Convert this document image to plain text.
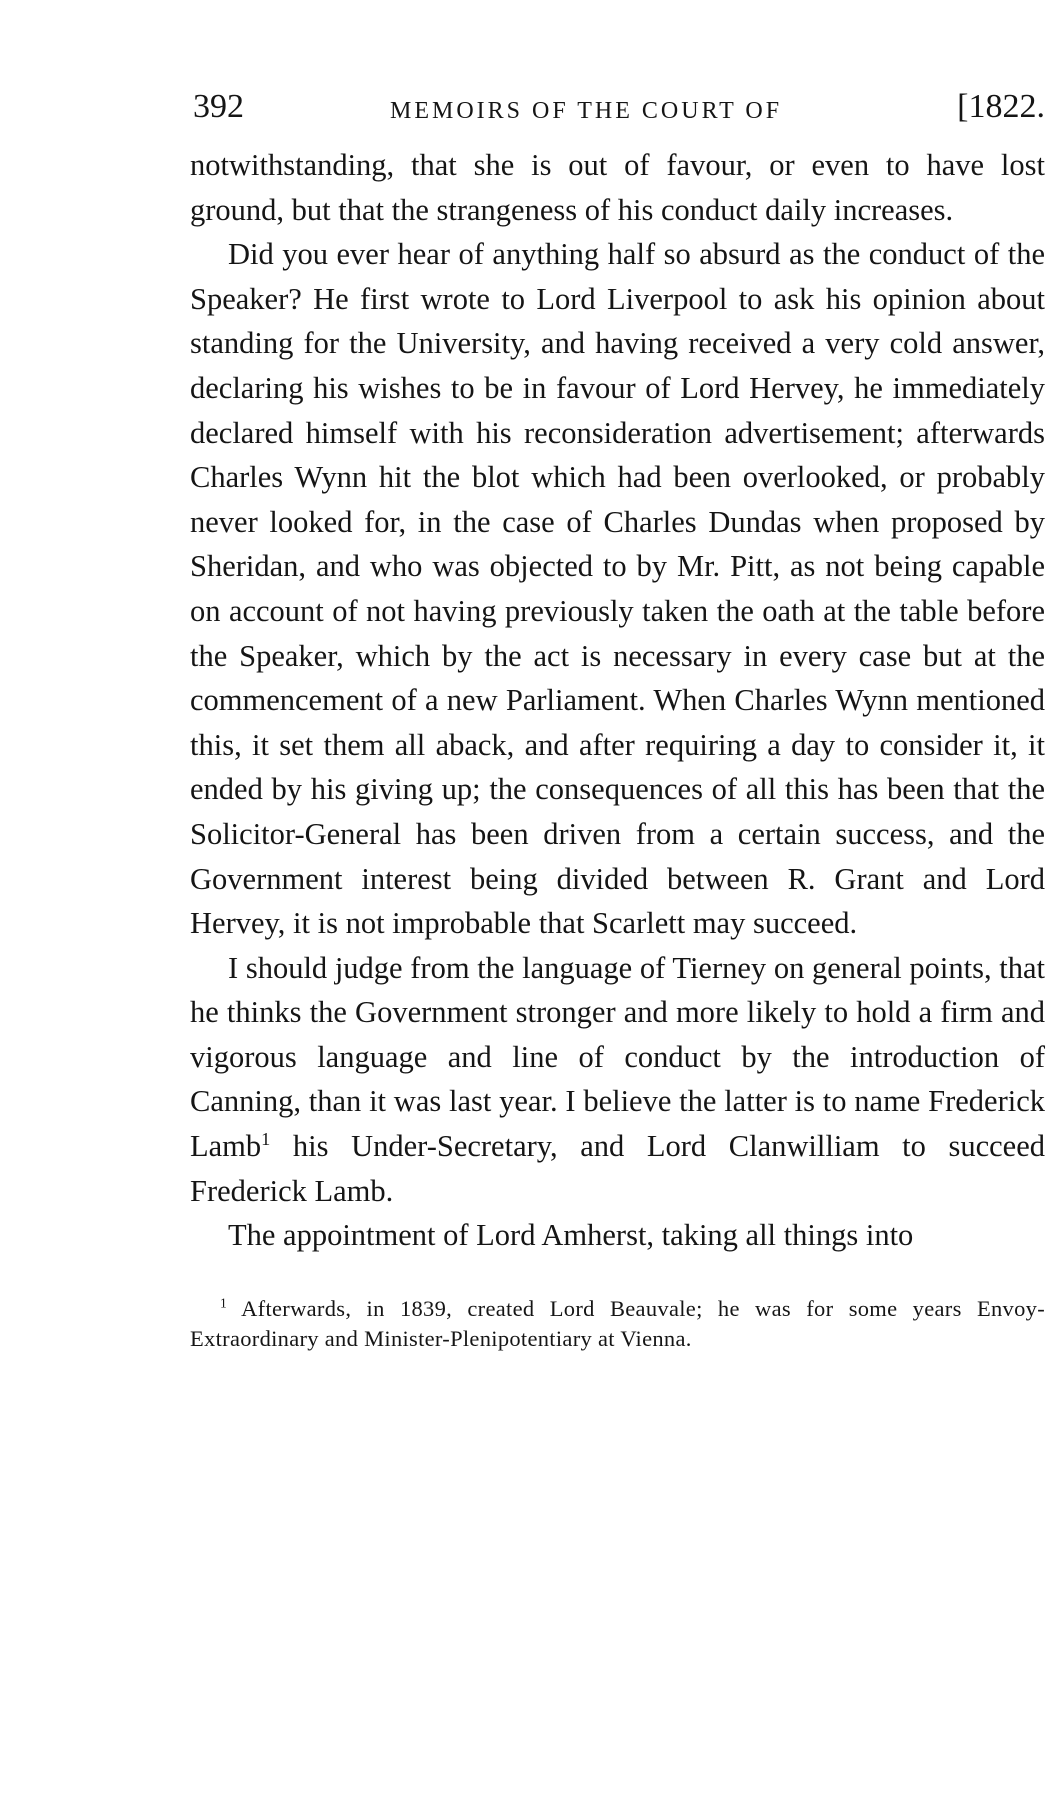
392	MEMOIRS OF THE COURT OF	[1822.

notwithstanding, that she is out of favour, or even to have lost ground, but that the strangeness of his conduct daily increases.

Did you ever hear of anything half so absurd as the conduct of the Speaker? He first wrote to Lord Liverpool to ask his opinion about standing for the University, and having received a very cold answer, declaring his wishes to be in favour of Lord Hervey, he immediately declared himself with his reconsideration advertisement; afterwards Charles Wynn hit the blot which had been overlooked, or probably never looked for, in the case of Charles Dundas when proposed by Sheridan, and who was objected to by Mr. Pitt, as not being capable on account of not having previously taken the oath at the table before the Speaker, which by the act is necessary in every case but at the commencement of a new Parliament. When Charles Wynn mentioned this, it set them all aback, and after requiring a day to consider it, it ended by his giving up; the consequences of all this has been that the Solicitor-General has been driven from a certain success, and the Government interest being divided between R. Grant and Lord Hervey, it is not improbable that Scarlett may succeed.

I should judge from the language of Tierney on general points, that he thinks the Government stronger and more likely to hold a firm and vigorous language and line of conduct by the introduction of Canning, than it was last year. I believe the latter is to name Frederick Lamb$^1$ his Under-Secretary, and Lord Clanwilliam to succeed Frederick Lamb.

The appointment of Lord Amherst, taking all things into

$^1$ Afterwards, in 1839, created Lord Beauvale; he was for some years Envoy-Extraordinary and Minister-Plenipotentiary at Vienna.
